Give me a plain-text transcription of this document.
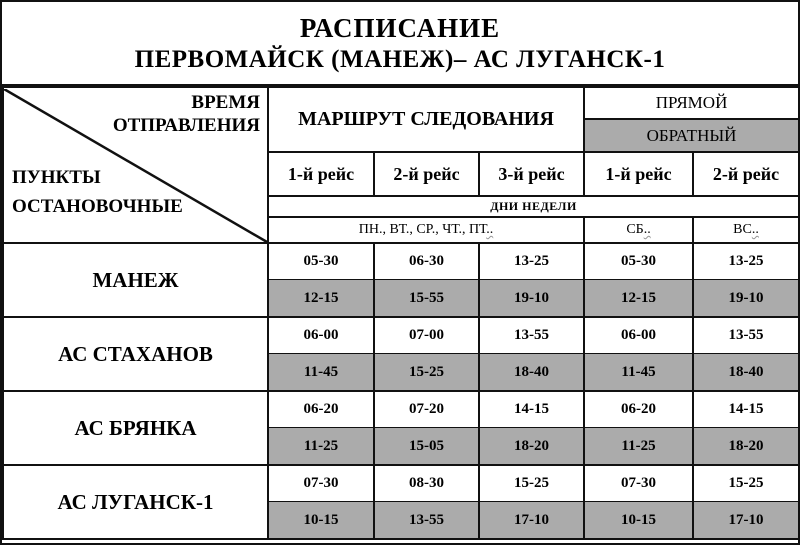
РАСПИСАНИЕ
ПЕРВОМАЙСК (МАНЕЖ)– АС ЛУГАНСК-1
ВРЕМЯ
ОТПРАВЛЕНИЯ
ПУНКТЫ
ОСТАНОВОЧНЫЕ	МАРШРУТ СЛЕДОВАНИЯ			ПРЯМОЙ	
				ОБРАТНЫЙ	
	1-й рейс	2-й рейс	3-й рейс	1-й рейс	2-й рейс
	ДНИ НЕДЕЛИ				
	ПН., ВТ., СР., ЧТ., ПТ..			СБ..	ВС..
МАНЕЖ	05-30	06-30	13-25	05-30	13-25
	12-15	15-55	19-10	12-15	19-10
АС СТАХАНОВ	06-00	07-00	13-55	06-00	13-55
	11-45	15-25	18-40	11-45	18-40
АС БРЯНКА	06-20	07-20	14-15	06-20	14-15
	11-25	15-05	18-20	11-25	18-20
АС ЛУГАНСК-1	07-30	08-30	15-25	07-30	15-25
	10-15	13-55	17-10	10-15	17-10
